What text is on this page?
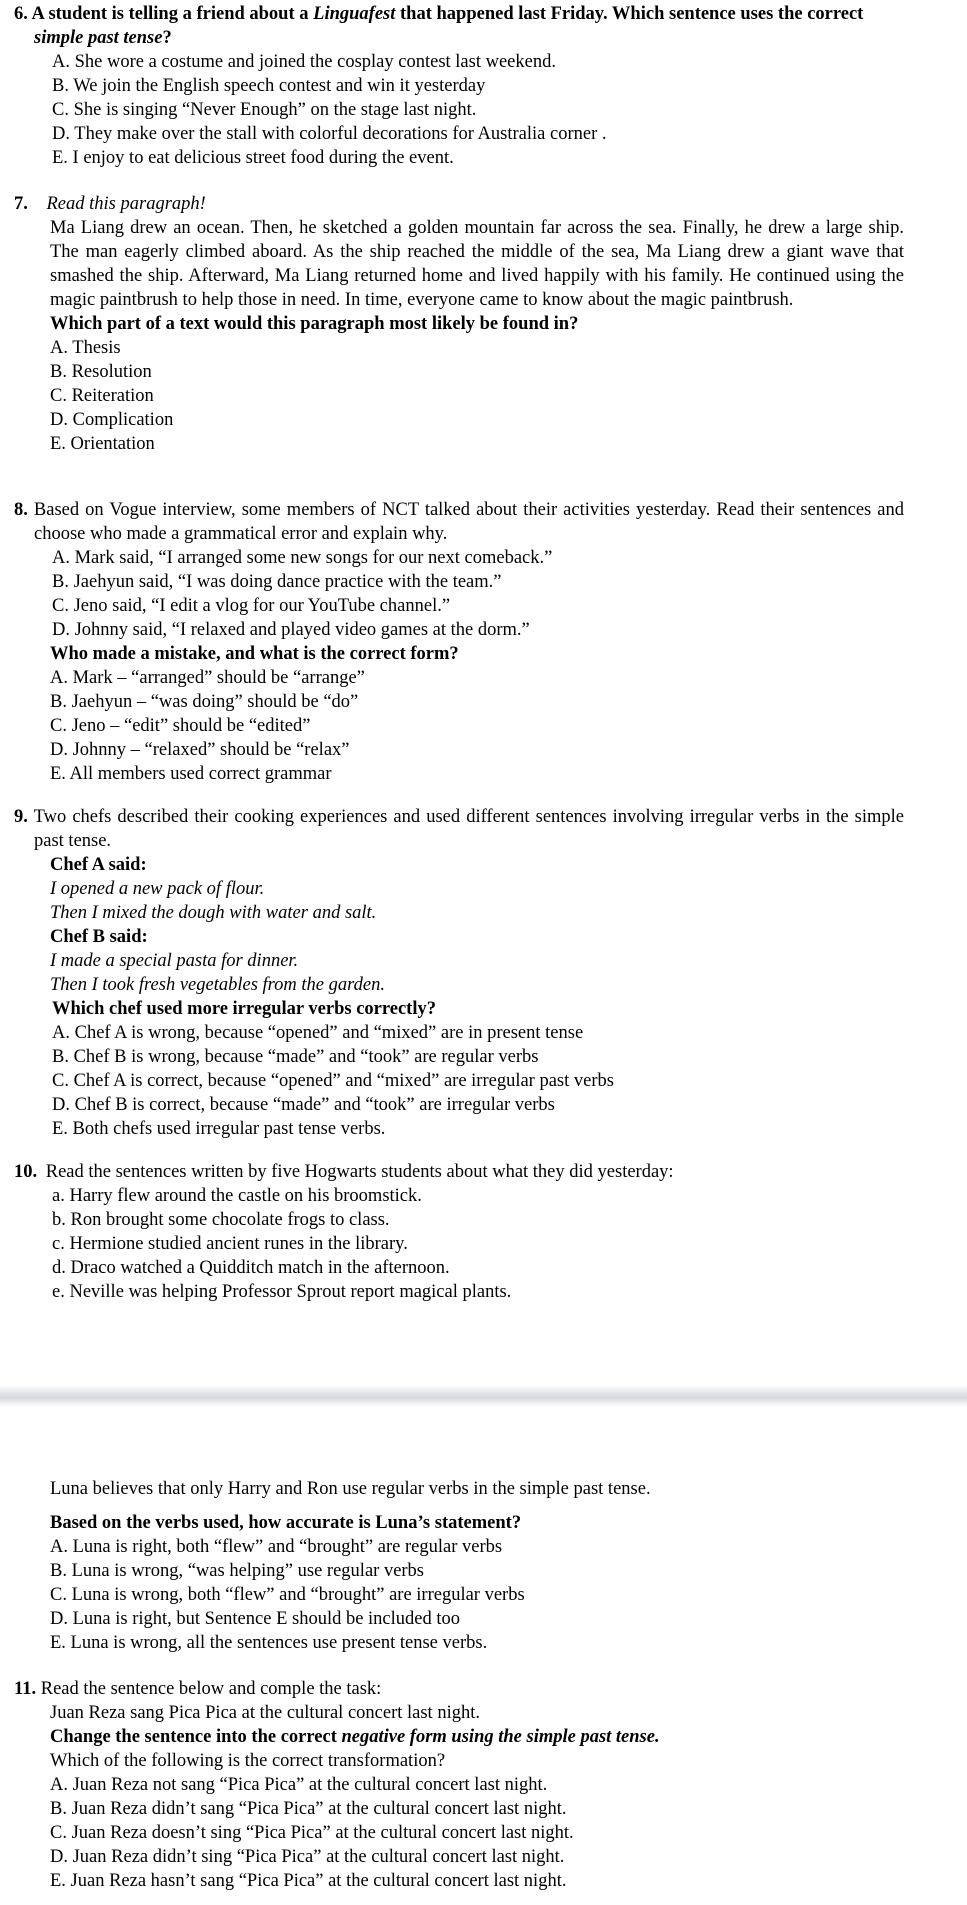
6. A student is telling a friend about a Linguafest that happened last Friday. Which sentence uses the correct simple past tense?
A. She wore a costume and joined the cosplay contest last weekend.
B. We join the English speech contest and win it yesterday
C. She is singing “Never Enough” on the stage last night.
D. They make over the stall with colorful decorations for Australia corner .
E. I enjoy to eat delicious street food during the event.
7. Read this paragraph!
Ma Liang drew an ocean. Then, he sketched a golden mountain far across the sea. Finally, he drew a large ship. The man eagerly climbed aboard. As the ship reached the middle of the sea, Ma Liang drew a giant wave that smashed the ship. Afterward, Ma Liang returned home and lived happily with his family. He continued using the magic paintbrush to help those in need. In time, everyone came to know about the magic paintbrush.
Which part of a text would this paragraph most likely be found in?
A. Thesis
B. Resolution
C. Reiteration
D. Complication
E. Orientation
8. Based on Vogue interview, some members of NCT talked about their activities yesterday. Read their sentences and choose who made a grammatical error and explain why.
A. Mark said, “I arranged some new songs for our next comeback.”
B. Jaehyun said, “I was doing dance practice with the team.”
C. Jeno said, “I edit a vlog for our YouTube channel.”
D. Johnny said, “I relaxed and played video games at the dorm.”
Who made a mistake, and what is the correct form?
A. Mark – “arranged” should be “arrange”
B. Jaehyun – “was doing” should be “do”
C. Jeno – “edit” should be “edited”
D. Johnny – “relaxed” should be “relax”
E. All members used correct grammar
9. Two chefs described their cooking experiences and used different sentences involving irregular verbs in the simple past tense.
Chef A said:
I opened a new pack of flour.
Then I mixed the dough with water and salt.
Chef B said:
I made a special pasta for dinner.
Then I took fresh vegetables from the garden.
Which chef used more irregular verbs correctly?
A. Chef A is wrong, because “opened” and “mixed” are in present tense
B. Chef B is wrong, because “made” and “took” are regular verbs
C. Chef A is correct, because “opened” and “mixed” are irregular past verbs
D. Chef B is correct, because “made” and “took” are irregular verbs
E. Both chefs used irregular past tense verbs.
10. Read the sentences written by five Hogwarts students about what they did yesterday:
a. Harry flew around the castle on his broomstick.
b. Ron brought some chocolate frogs to class.
c. Hermione studied ancient runes in the library.
d. Draco watched a Quidditch match in the afternoon.
e. Neville was helping Professor Sprout report magical plants.
Luna believes that only Harry and Ron use regular verbs in the simple past tense.
Based on the verbs used, how accurate is Luna’s statement?
A. Luna is right, both “flew” and “brought” are regular verbs
B. Luna is wrong, “was helping” use regular verbs
C. Luna is wrong, both “flew” and “brought” are irregular verbs
D. Luna is right, but Sentence E should be included too
E. Luna is wrong, all the sentences use present tense verbs.
11. Read the sentence below and comple the task:
Juan Reza sang Pica Pica at the cultural concert last night.
Change the sentence into the correct negative form using the simple past tense.
Which of the following is the correct transformation?
A. Juan Reza not sang “Pica Pica” at the cultural concert last night.
B. Juan Reza didn’t sang “Pica Pica” at the cultural concert last night.
C. Juan Reza doesn’t sing “Pica Pica” at the cultural concert last night.
D. Juan Reza didn’t sing “Pica Pica” at the cultural concert last night.
E. Juan Reza hasn’t sang “Pica Pica” at the cultural concert last night.
